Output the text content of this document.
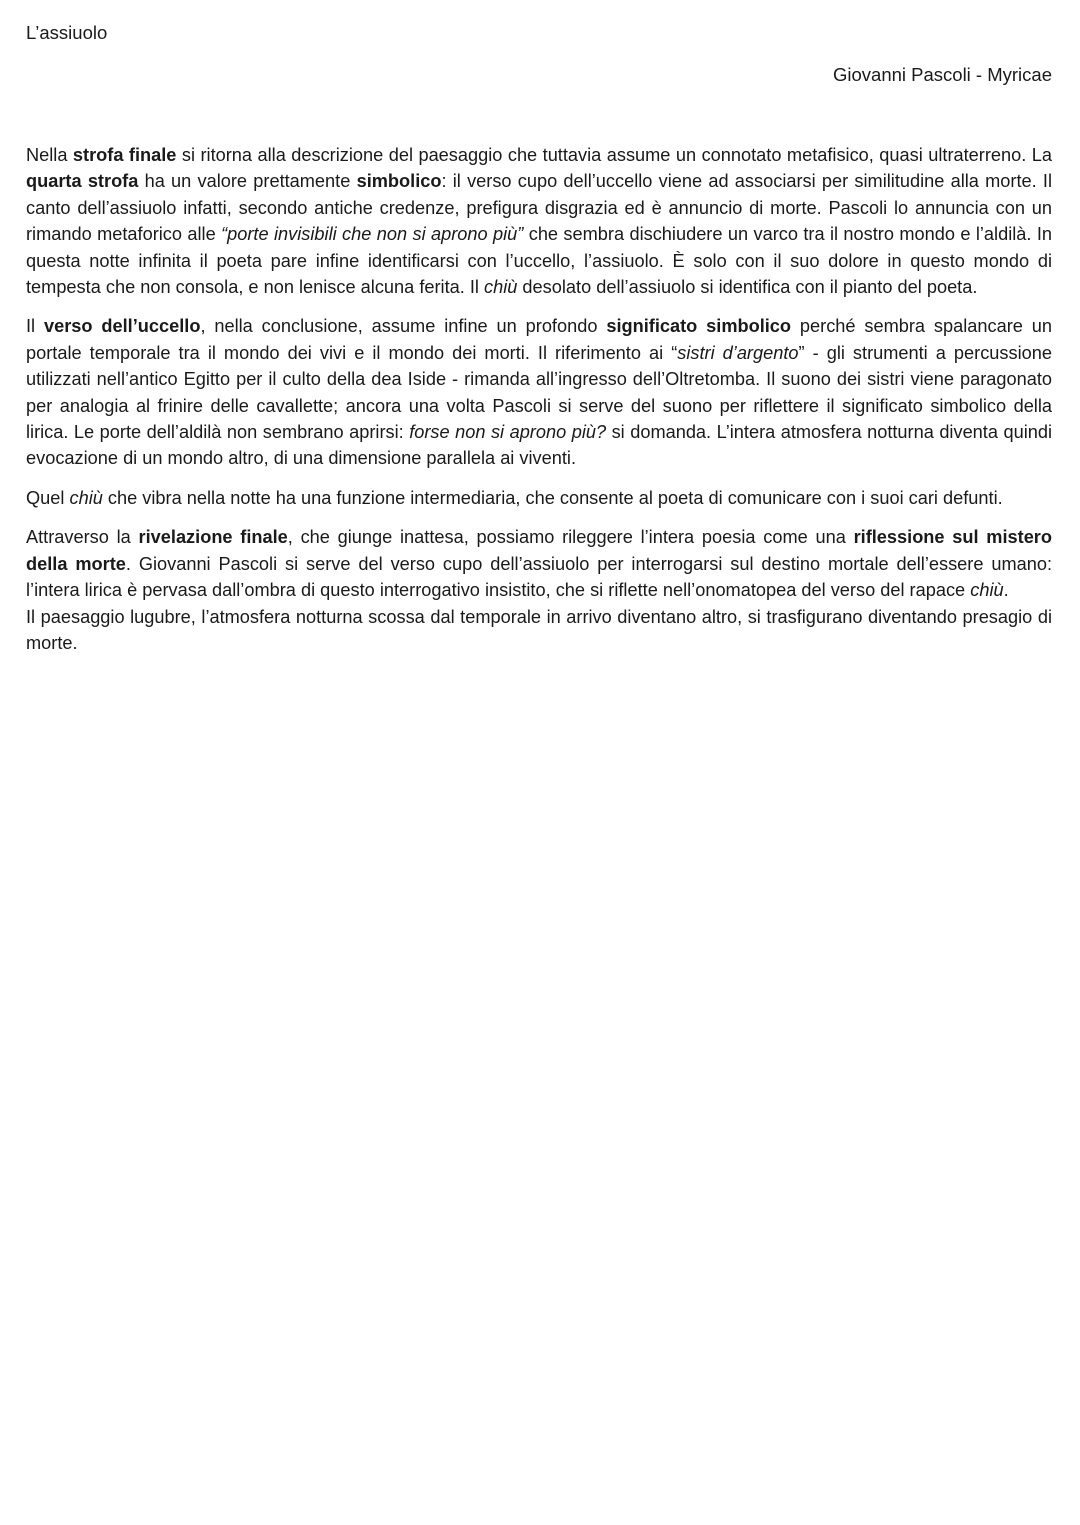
L’assiuolo
Giovanni Pascoli - Myricae

Nella strofa finale si ritorna alla descrizione del paesaggio che tuttavia assume un connotato metafisico, quasi ultraterreno. La quarta strofa ha un valore prettamente simbolico: il verso cupo dell’uccello viene ad associarsi per similitudine alla morte. Il canto dell’assiuolo infatti, secondo antiche credenze, prefigura disgrazia ed è annuncio di morte. Pascoli lo annuncia con un rimando metaforico alle “porte invisibili che non si aprono più” che sembra dischiudere un varco tra il nostro mondo e l’aldilà. In questa notte infinita il poeta pare infine identificarsi con l’uccello, l’assiuolo. È solo con il suo dolore in questo mondo di tempesta che non consola, e non lenisce alcuna ferita. Il chiù desolato dell’assiuolo si identifica con il pianto del poeta.

Il verso dell’uccello, nella conclusione, assume infine un profondo significato simbolico perché sembra spalancare un portale temporale tra il mondo dei vivi e il mondo dei morti. Il riferimento ai “sistri d’argento” - gli strumenti a percussione utilizzati nell’antico Egitto per il culto della dea Iside - rimanda all’ingresso dell’Oltretomba. Il suono dei sistri viene paragonato per analogia al frinire delle cavallette; ancora una volta Pascoli si serve del suono per riflettere il significato simbolico della lirica. Le porte dell’aldilà non sembrano aprirsi: forse non si aprono più? si domanda. L’intera atmosfera notturna diventa quindi evocazione di un mondo altro, di una dimensione parallela ai viventi.

Quel chiù che vibra nella notte ha una funzione intermediaria, che consente al poeta di comunicare con i suoi cari defunti.

Attraverso la rivelazione finale, che giunge inattesa, possiamo rileggere l’intera poesia come una riflessione sul mistero della morte. Giovanni Pascoli si serve del verso cupo dell’assiuolo per interrogarsi sul destino mortale dell’essere umano: l’intera lirica è pervasa dall’ombra di questo interrogativo insistito, che si riflette nell’onomatopea del verso del rapace chiù.

Il paesaggio lugubre, l’atmosfera notturna scossa dal temporale in arrivo diventano altro, si trasfigurano diventando presagio di morte.
